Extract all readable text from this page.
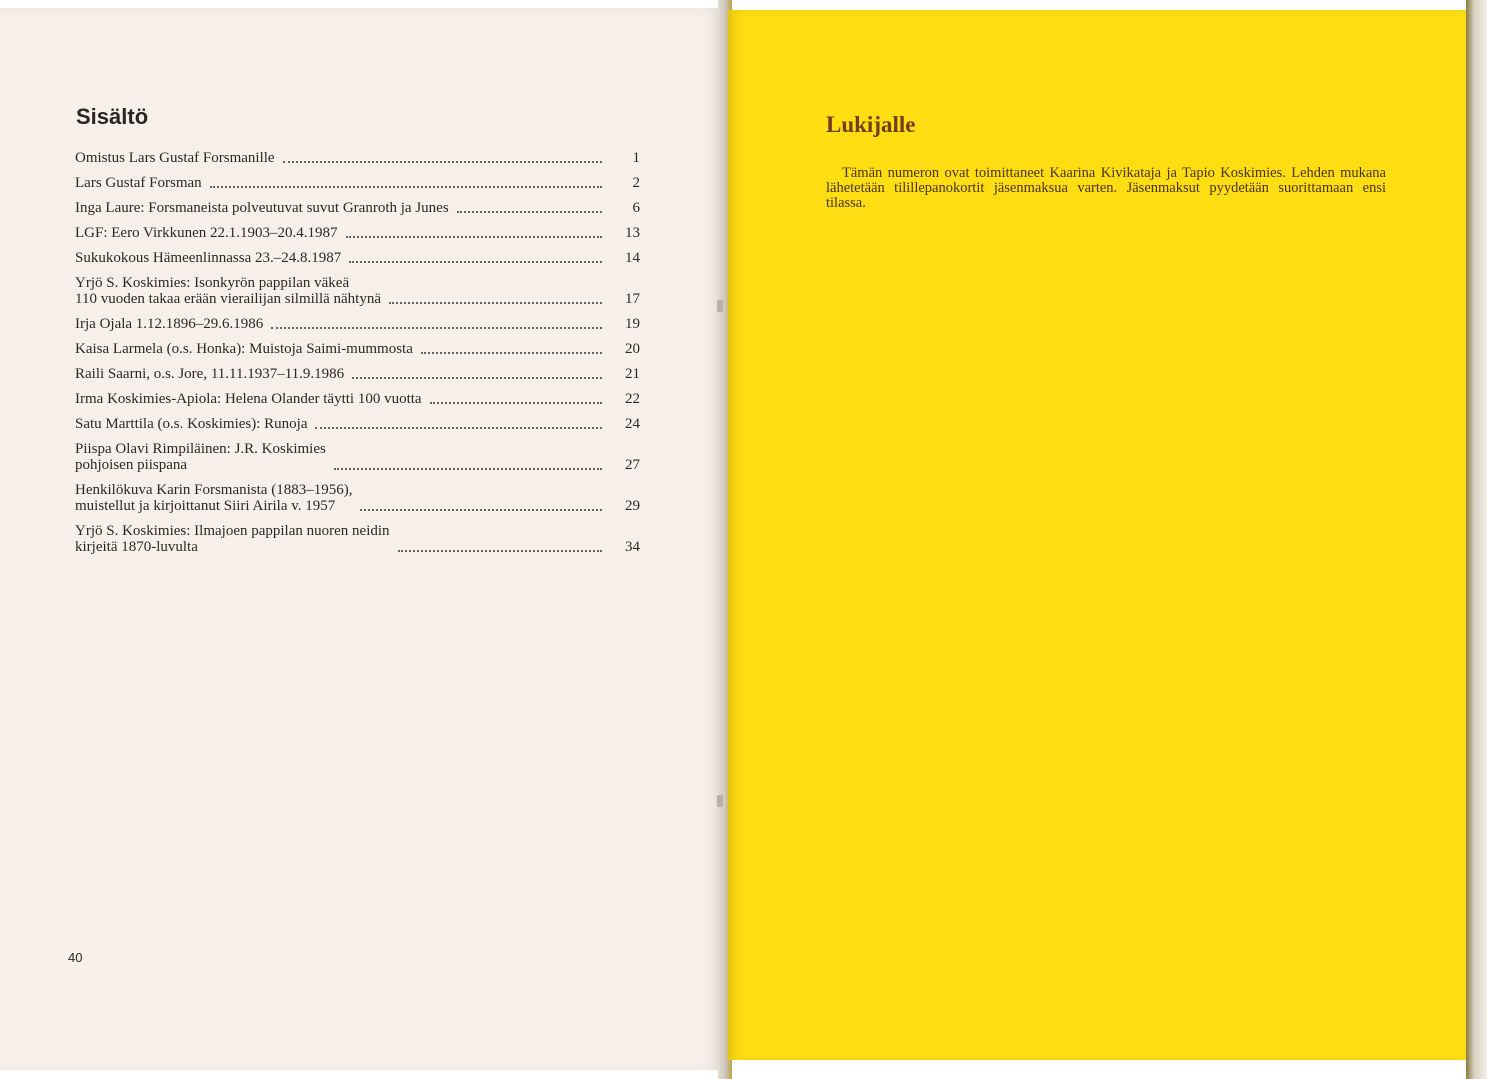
Sisältö
Omistus Lars Gustaf Forsmanille	1
Lars Gustaf Forsman	2
Inga Laure: Forsmaneista polveutuvat suvut Granroth ja Junes	6
LGF: Eero Virkkunen 22.1.1903–20.4.1987	13
Sukukokous Hämeenlinnassa 23.–24.8.1987	14
Yrjö S. Koskimies: Isonkyrön pappilan väkeä
110 vuoden takaa erään vierailijan silmillä nähtynä	17
Irja Ojala 1.12.1896–29.6.1986	19
Kaisa Larmela (o.s. Honka): Muistoja Saimi-mummosta	20
Raili Saarni, o.s. Jore, 11.11.1937–11.9.1986	21
Irma Koskimies-Apiola: Helena Olander täytti 100 vuotta	22
Satu Marttila (o.s. Koskimies): Runoja	24
Piispa Olavi Rimpiläinen: J.R. Koskimies
pohjoisen piispana	27
Henkilökuva Karin Forsmanista (1883–1956),
muistellut ja kirjoittanut Siiri Airila v. 1957	29
Yrjö S. Koskimies: Ilmajoen pappilan nuoren neidin
kirjeitä 1870-luvulta	34
40
Lukijalle

Tämän numeron ovat toimittaneet Kaarina Kivikataja ja Tapio Koskimies. Lehden mukana lähetetään tilillepanokortit jäsenmaksua varten. Jäsenmaksut pyydetään suorittamaan ensi tilassa.
